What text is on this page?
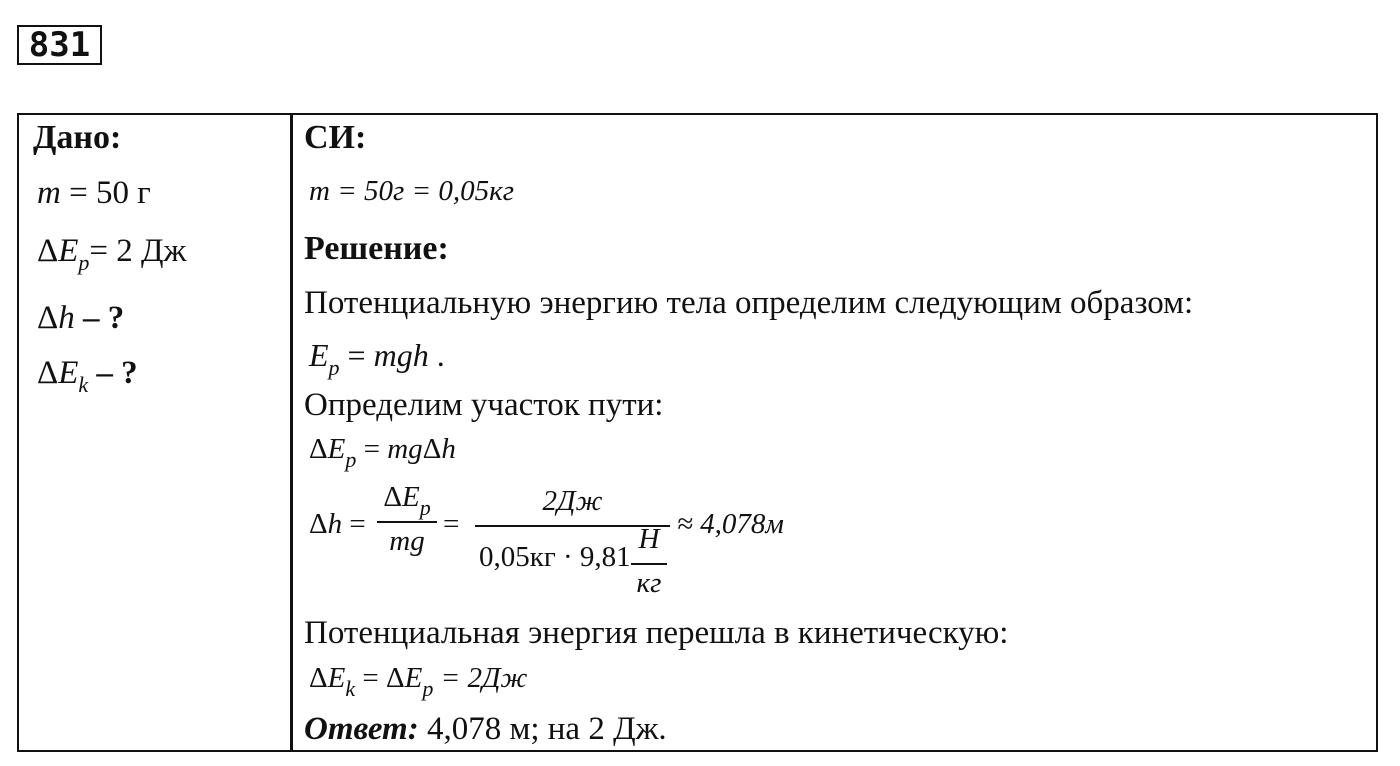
831
Дано:
m = 50 г
$\Delta E_p= 2$ Дж
Δh – ?
$\Delta E_k$ – ?
СИ:
m = 50г = 0,05кг
Решение:
Потенциальную энергию тела определим следующим образом:
$E_p$ = mgh .
Определим участок пути:
$\Delta E_p = mg\Delta h$
Δh =
$\Delta E_p$
mg
=
2Дж
0,05кг · 9,81
Н
кг
≈ 4,078м
Потенциальная энергия перешла в кинетическую:
$\Delta E_k = \Delta E_p = 2Дж$
Ответ: 4,078 м; на 2 Дж.
